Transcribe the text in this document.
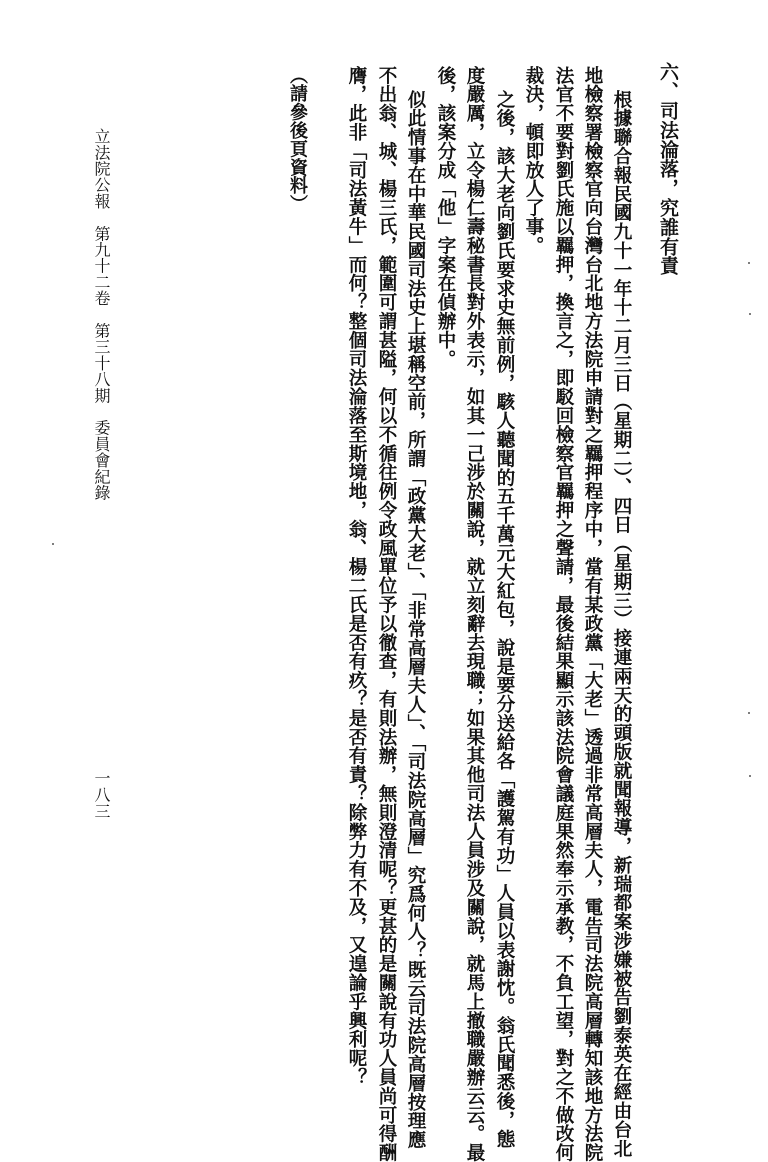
六、司法淪落，究誰有責
根據聯合報民國九十一年十二月三日（星期二）、四日（星期三）接連兩天的頭版就聞報導，新瑞都案涉嫌被告劉泰英在經由台北
地檢察署檢察官向台灣台北地方法院申請對之羈押程序中，當有某政黨「大老」透過非常高層夫人，電告司法院高層轉知該地方法院
法官不要對劉氏施以羈押，換言之，即駁回檢察官羈押之聲請，最後結果顯示該法院會議庭果然奉示承教，不負工望，對之不做改何
裁決，頓即放人了事。
之後，該大老向劉氏要求史無前例，駭人聽聞的五千萬元大紅包，說是要分送給各「護駕有功」人員以表謝忱。翁氏聞悉後，態
度嚴厲，立令楊仁壽秘書長對外表示，如其一己涉於關說，就立刻辭去現職；如果其他司法人員涉及關說，就馬上撤職嚴辦云云。最
後，該案分成「他」字案在偵辦中。
似此情事在中華民國司法史上堪稱空前，所謂「政黨大老」、「非常高層夫人」、「司法院高層」究爲何人？既云司法院高層按理應
不出翁、城、楊三氏，範圍可謂甚隘，何以不循往例令政風單位予以徹查，有則法辦，無則澄清呢？更甚的是關說有功人員尚可得酬
膺，此非「司法黃牛」而何？整個司法淪落至斯境地，翁、楊二氏是否有疚？是否有責？除弊力有不及，又遑論乎興利呢？
（請參後頁資料）
立法院公報　第九十二卷　第三十八期　委員會紀錄
一八三
